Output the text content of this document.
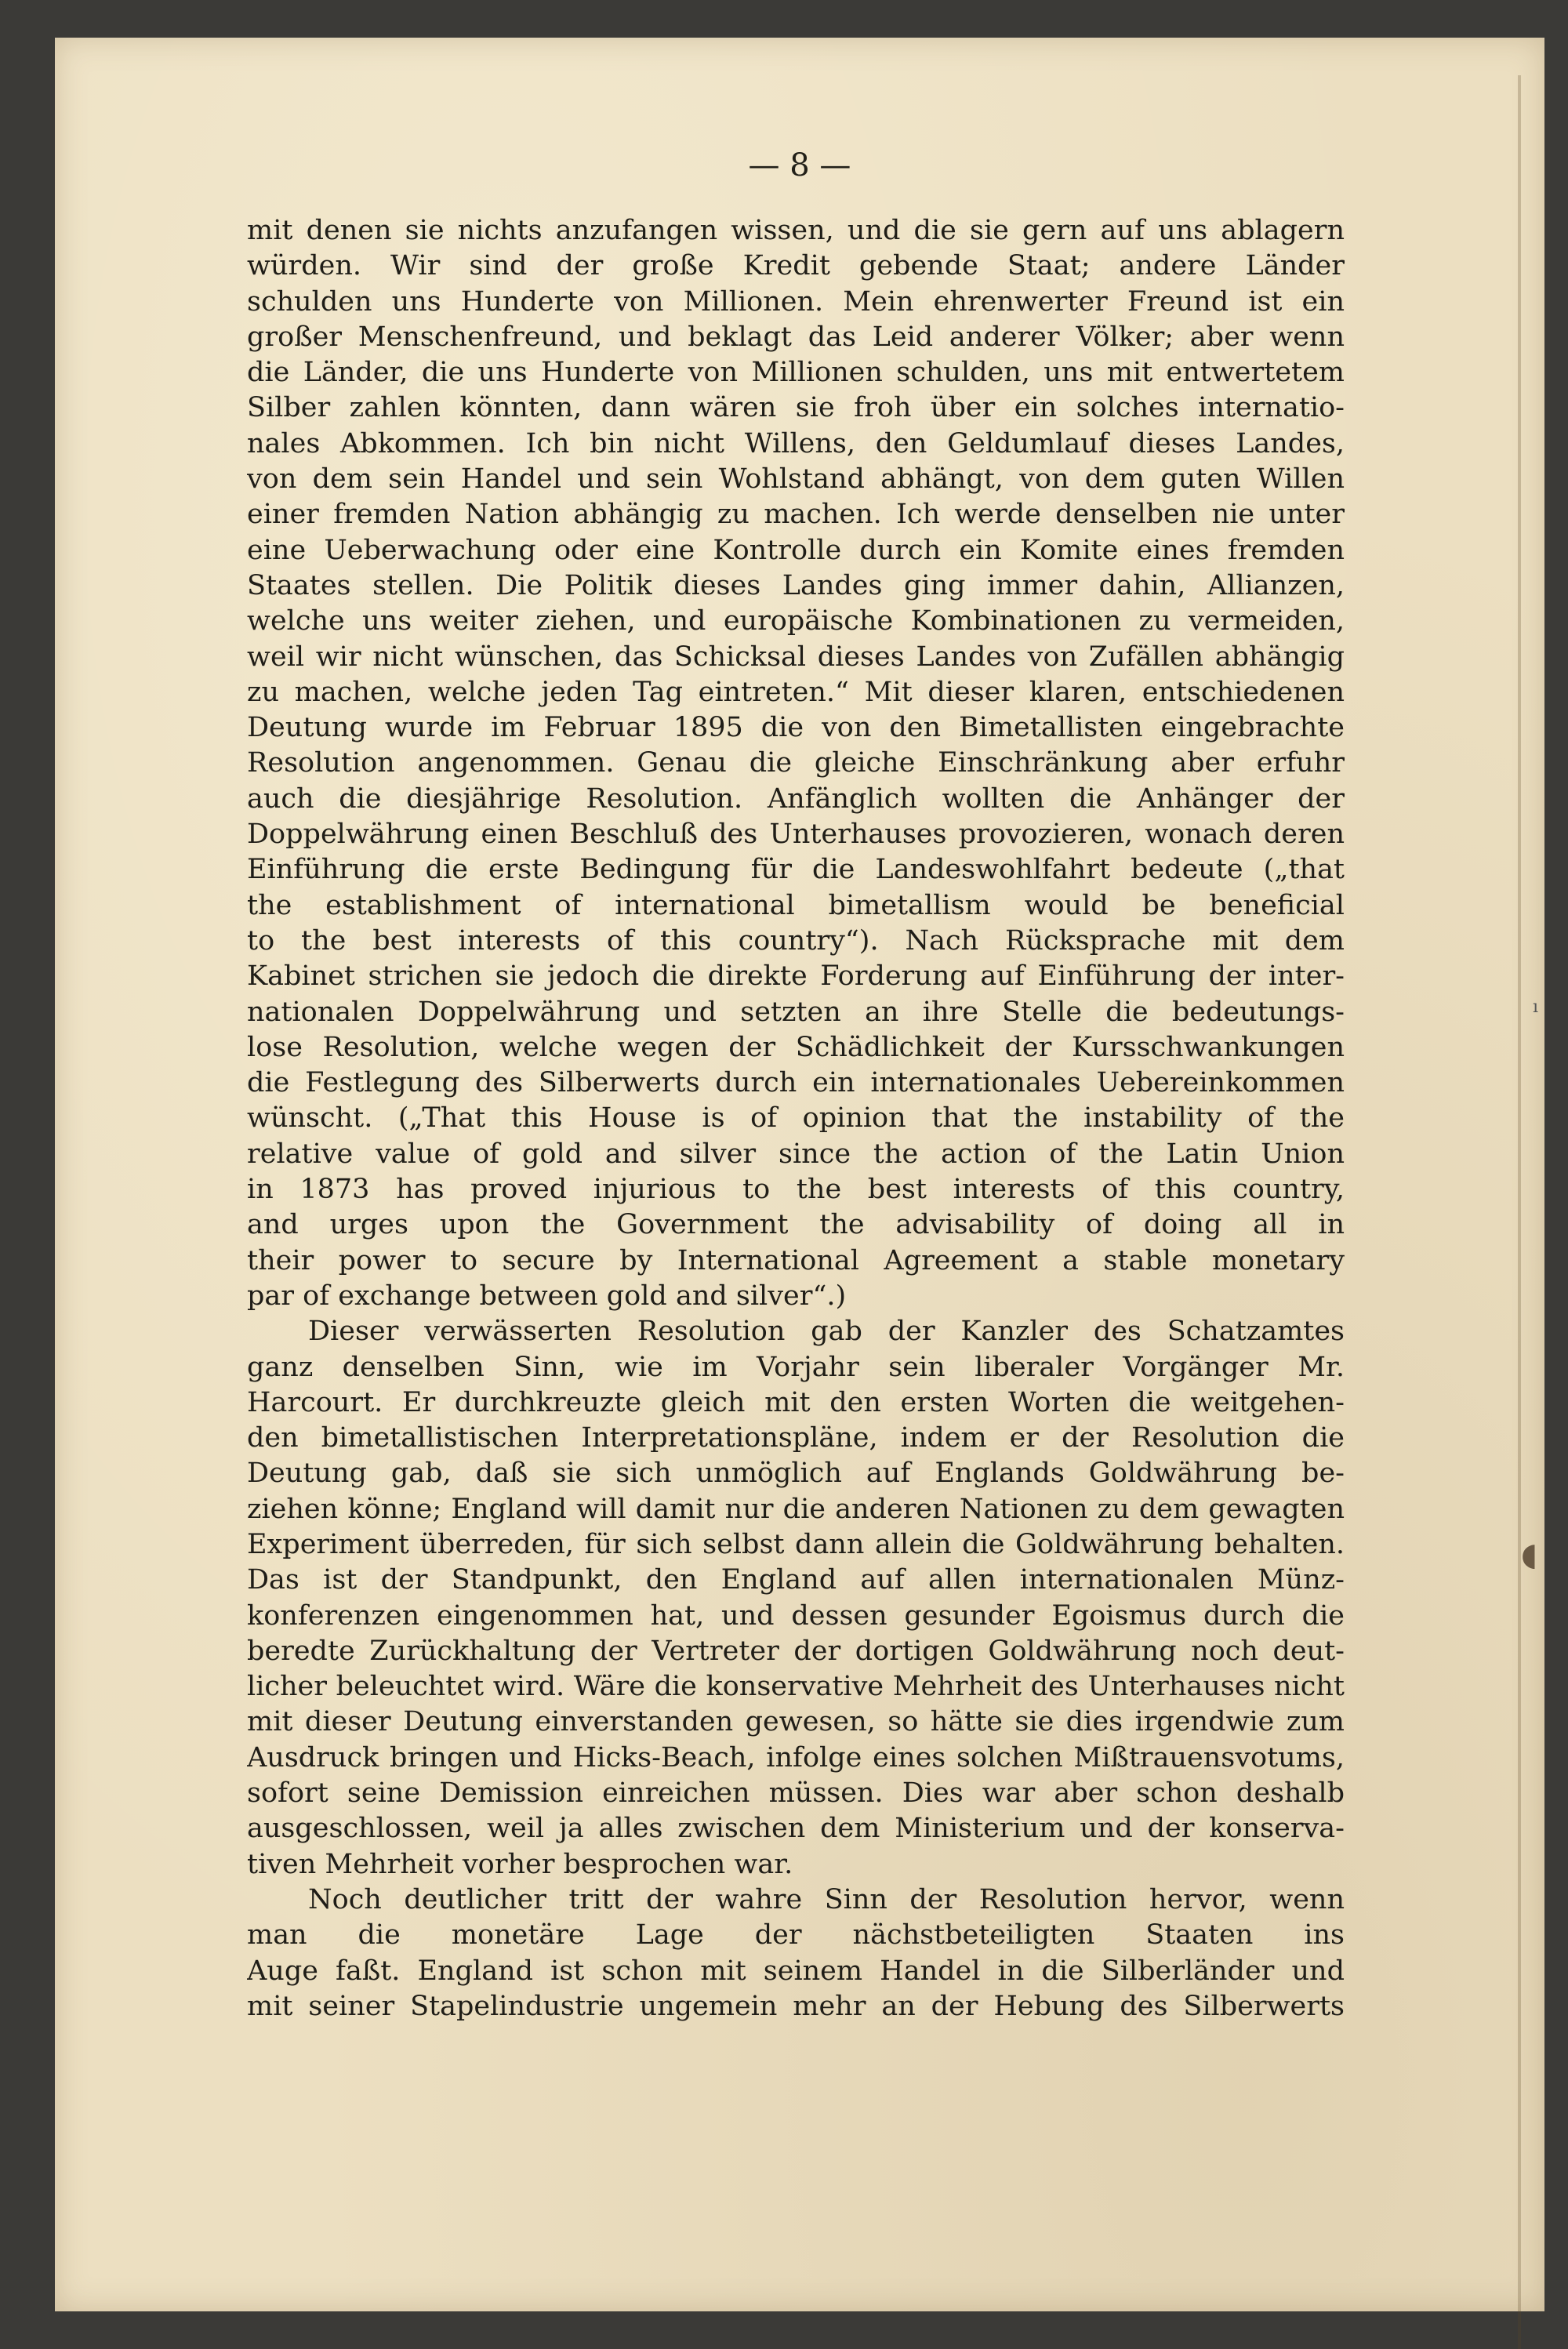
— 8 —
mit denen sie nichts anzufangen wissen, und die sie gern auf uns ablagern
würden. Wir sind der große Kredit gebende Staat; andere Länder
schulden uns Hunderte von Millionen. Mein ehrenwerter Freund ist ein
großer Menschenfreund, und beklagt das Leid anderer Völker; aber wenn
die Länder, die uns Hunderte von Millionen schulden, uns mit entwertetem
Silber zahlen könnten, dann wären sie froh über ein solches internatio-
nales Abkommen. Ich bin nicht Willens, den Geldumlauf dieses Landes,
von dem sein Handel und sein Wohlstand abhängt, von dem guten Willen
einer fremden Nation abhängig zu machen. Ich werde denselben nie unter
eine Ueberwachung oder eine Kontrolle durch ein Komite eines fremden
Staates stellen. Die Politik dieses Landes ging immer dahin, Allianzen,
welche uns weiter ziehen, und europäische Kombinationen zu vermeiden,
weil wir nicht wünschen, das Schicksal dieses Landes von Zufällen abhängig
zu machen, welche jeden Tag eintreten.“ Mit dieser klaren, entschiedenen
Deutung wurde im Februar 1895 die von den Bimetallisten eingebrachte
Resolution angenommen. Genau die gleiche Einschränkung aber erfuhr
auch die diesjährige Resolution. Anfänglich wollten die Anhänger der
Doppelwährung einen Beschluß des Unterhauses provozieren, wonach deren
Einführung die erste Bedingung für die Landeswohlfahrt bedeute („that
the establishment of international bimetallism would be beneficial
to the best interests of this country“). Nach Rücksprache mit dem
Kabinet strichen sie jedoch die direkte Forderung auf Einführung der inter-
nationalen Doppelwährung und setzten an ihre Stelle die bedeutungs-
lose Resolution, welche wegen der Schädlichkeit der Kursschwankungen
die Festlegung des Silberwerts durch ein internationales Uebereinkommen
wünscht. („That this House is of opinion that the instability of the
relative value of gold and silver since the action of the Latin Union
in 1873 has proved injurious to the best interests of this country,
and urges upon the Government the advisability of doing all in
their power to secure by International Agreement a stable monetary
par of exchange between gold and silver“.)
Dieser verwässerten Resolution gab der Kanzler des Schatzamtes
ganz denselben Sinn, wie im Vorjahr sein liberaler Vorgänger Mr.
Harcourt. Er durchkreuzte gleich mit den ersten Worten die weitgehen-
den bimetallistischen Interpretationspläne, indem er der Resolution die
Deutung gab, daß sie sich unmöglich auf Englands Goldwährung be-
ziehen könne; England will damit nur die anderen Nationen zu dem gewagten
Experiment überreden, für sich selbst dann allein die Goldwährung behalten.
Das ist der Standpunkt, den England auf allen internationalen Münz-
konferenzen eingenommen hat, und dessen gesunder Egoismus durch die
beredte Zurückhaltung der Vertreter der dortigen Goldwährung noch deut-
licher beleuchtet wird. Wäre die konservative Mehrheit des Unterhauses nicht
mit dieser Deutung einverstanden gewesen, so hätte sie dies irgendwie zum
Ausdruck bringen und Hicks-Beach, infolge eines solchen Mißtrauensvotums,
sofort seine Demission einreichen müssen. Dies war aber schon deshalb
ausgeschlossen, weil ja alles zwischen dem Ministerium und der konserva-
tiven Mehrheit vorher besprochen war.
Noch deutlicher tritt der wahre Sinn der Resolution hervor, wenn
man die monetäre Lage der nächstbeteiligten Staaten ins
Auge faßt. England ist schon mit seinem Handel in die Silberländer und
mit seiner Stapelindustrie ungemein mehr an der Hebung des Silberwerts
ı
◖
